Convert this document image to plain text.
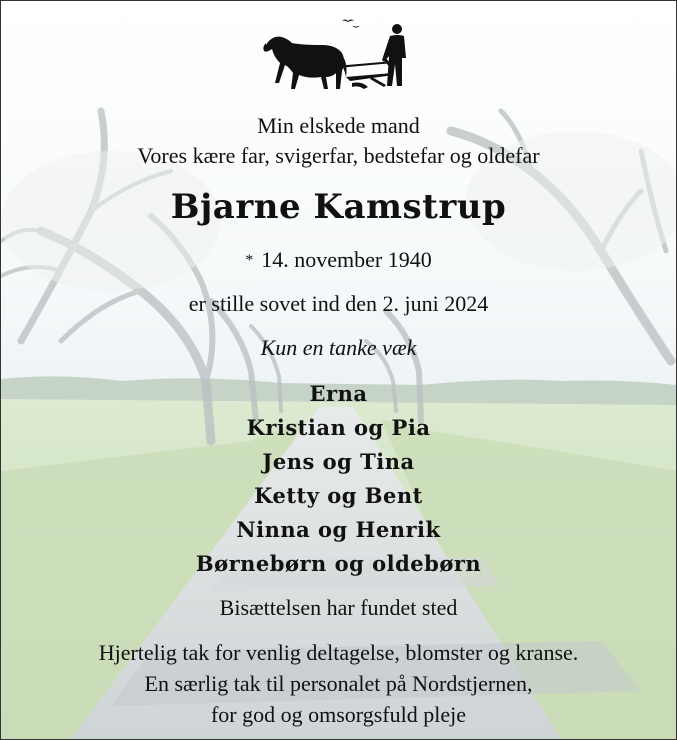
Min elskede mand
Vores kære far, svigerfar, bedstefar og oldefar
Bjarne Kamstrup
* 14. november 1940
er stille sovet ind den 2. juni 2024
Kun en tanke væk
Erna
Kristian og Pia
Jens og Tina
Ketty og Bent
Ninna og Henrik
Børnebørn og oldebørn
Bisættelsen har fundet sted
Hjertelig tak for venlig deltagelse, blomster og kranse.
En særlig tak til personalet på Nordstjernen,
for god og omsorgsfuld pleje
